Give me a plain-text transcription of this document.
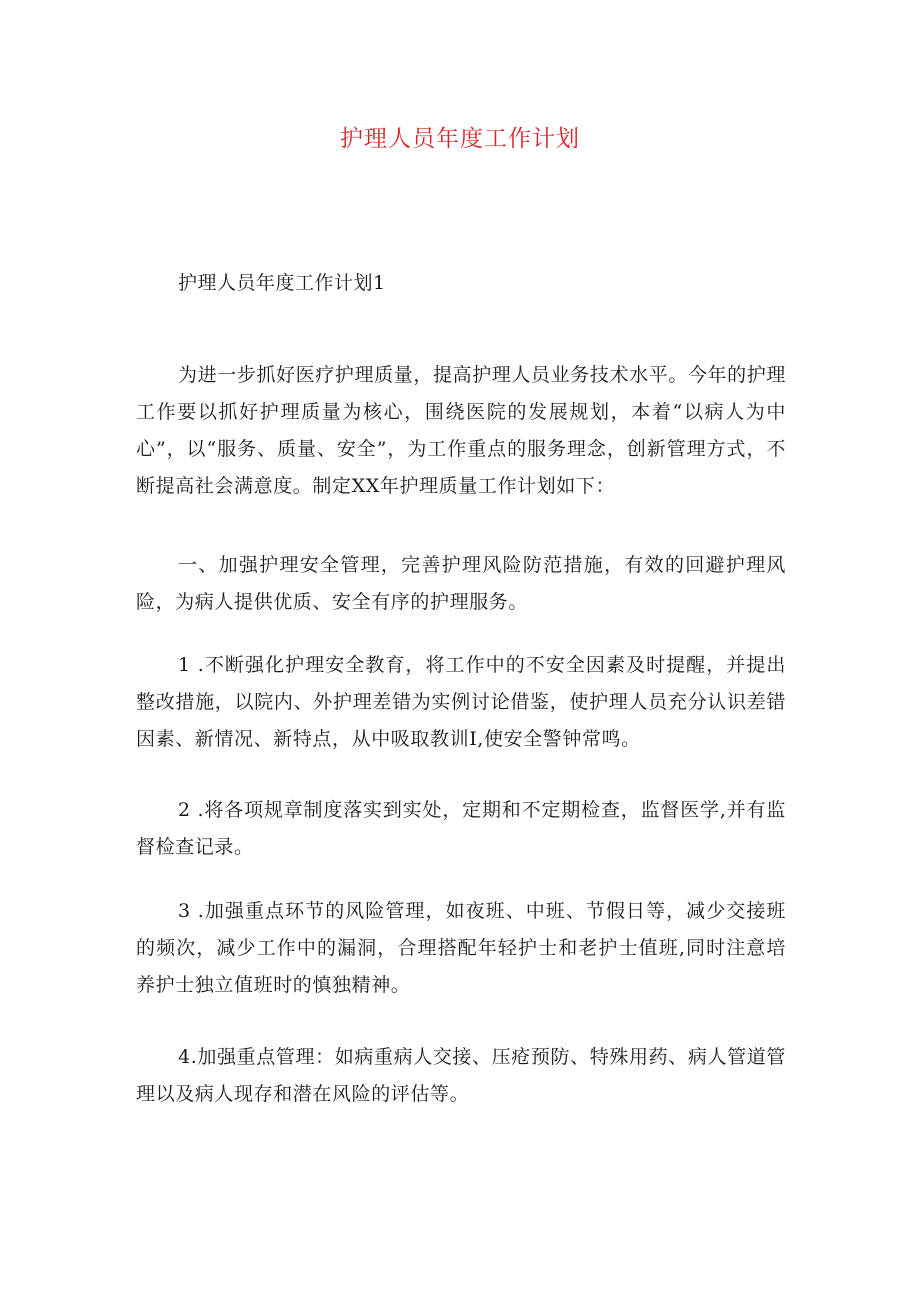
护理人员年度工作计划
护理人员年度工作计划1

为进一步抓好医疗护理质量，提高护理人员业务技术水平。今年的护理工作要以抓好护理质量为核心，围绕医院的发展规划，本着“以病人为中心”，以“服务、质量、安全”，为工作重点的服务理念，创新管理方式，不断提高社会满意度。制定XX年护理质量工作计划如下：

一、加强护理安全管理，完善护理风险防范措施，有效的回避护理风险，为病人提供优质、安全有序的护理服务。

1 .不断强化护理安全教育，将工作中的不安全因素及时提醒，并提出整改措施，以院内、外护理差错为实例讨论借鉴，使护理人员充分认识差错因素、新情况、新特点，从中吸取教训I,使安全警钟常鸣。

2 .将各项规章制度落实到实处，定期和不定期检查，监督医学,并有监督检查记录。

3 .加强重点环节的风险管理，如夜班、中班、节假日等，减少交接班的频次，减少工作中的漏洞，合理搭配年轻护士和老护士值班,同时注意培养护士独立值班时的慎独精神。

4.加强重点管理：如病重病人交接、压疮预防、特殊用药、病人管道管理以及病人现存和潜在风险的评估等。
